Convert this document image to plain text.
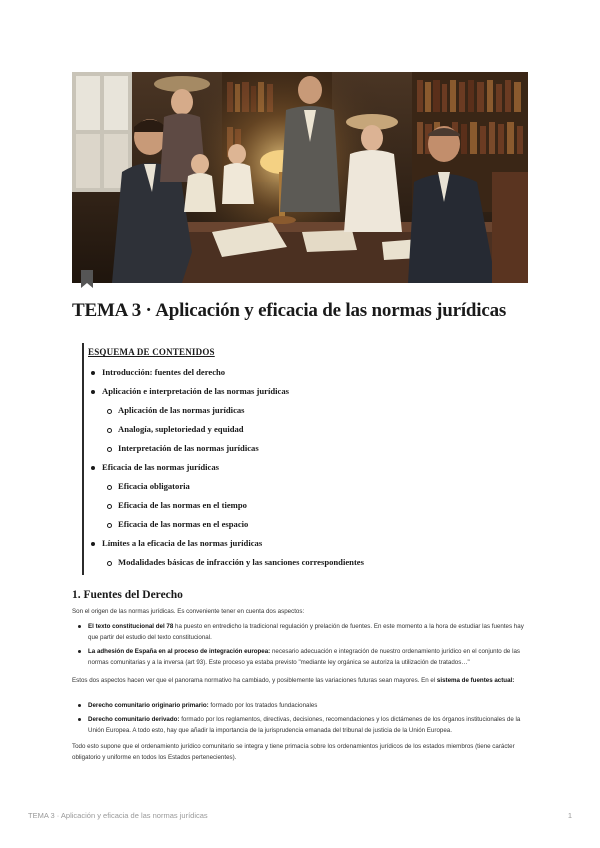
TEMA 3 · Aplicación y eficacia de las normas jurídicas
ESQUEMA DE CONTENIDOS
Introducción: fuentes del derecho
Aplicación e interpretación de las normas jurídicas
Aplicación de las normas jurídicas
Analogía, supletoriedad y equidad
Interpretación de las normas jurídicas
Eficacia de las normas jurídicas
Eficacia obligatoria
Eficacia de las normas en el tiempo
Eficacia de las normas en el espacio
Límites a la eficacia de las normas jurídicas
Modalidades básicas de infracción y las sanciones correspondientes
1. Fuentes del Derecho

Son el origen de las normas jurídicas. Es conveniente tener en cuenta dos aspectos:

El texto constitucional del 78 ha puesto en entredicho la tradicional regulación y prelación de fuentes. En este momento a la hora de estudiar las fuentes hay que partir del estudio del texto constitucional.
La adhesión de España en al proceso de integración europea: necesario adecuación e integración de nuestro ordenamiento jurídico en el conjunto de las normas comunitarias y a la inversa (art 93). Este proceso ya estaba previsto "mediante ley orgánica se autoriza la utilización de tratados…"

Estos dos aspectos hacen ver que el panorama normativo ha cambiado, y posiblemente las variaciones futuras sean mayores. En el sistema de fuentes actual:

Derecho comunitario originario primario: formado por los tratados fundacionales
Derecho comunitario derivado: formado por los reglamentos, directivas, decisiones, recomendaciones y los dictámenes de los órganos institucionales de la Unión Europea. A todo esto, hay que añadir la importancia de la jurisprudencia emanada del tribunal de justicia de la Unión Europea.

Todo esto supone que el ordenamiento jurídico comunitario se integra y tiene primacía sobre los ordenamientos jurídicos de los estados miembros (tiene carácter obligatorio y uniforme en todos los Estados pertenecientes).

TEMA 3 · Aplicación y eficacia de las normas jurídicas	1
